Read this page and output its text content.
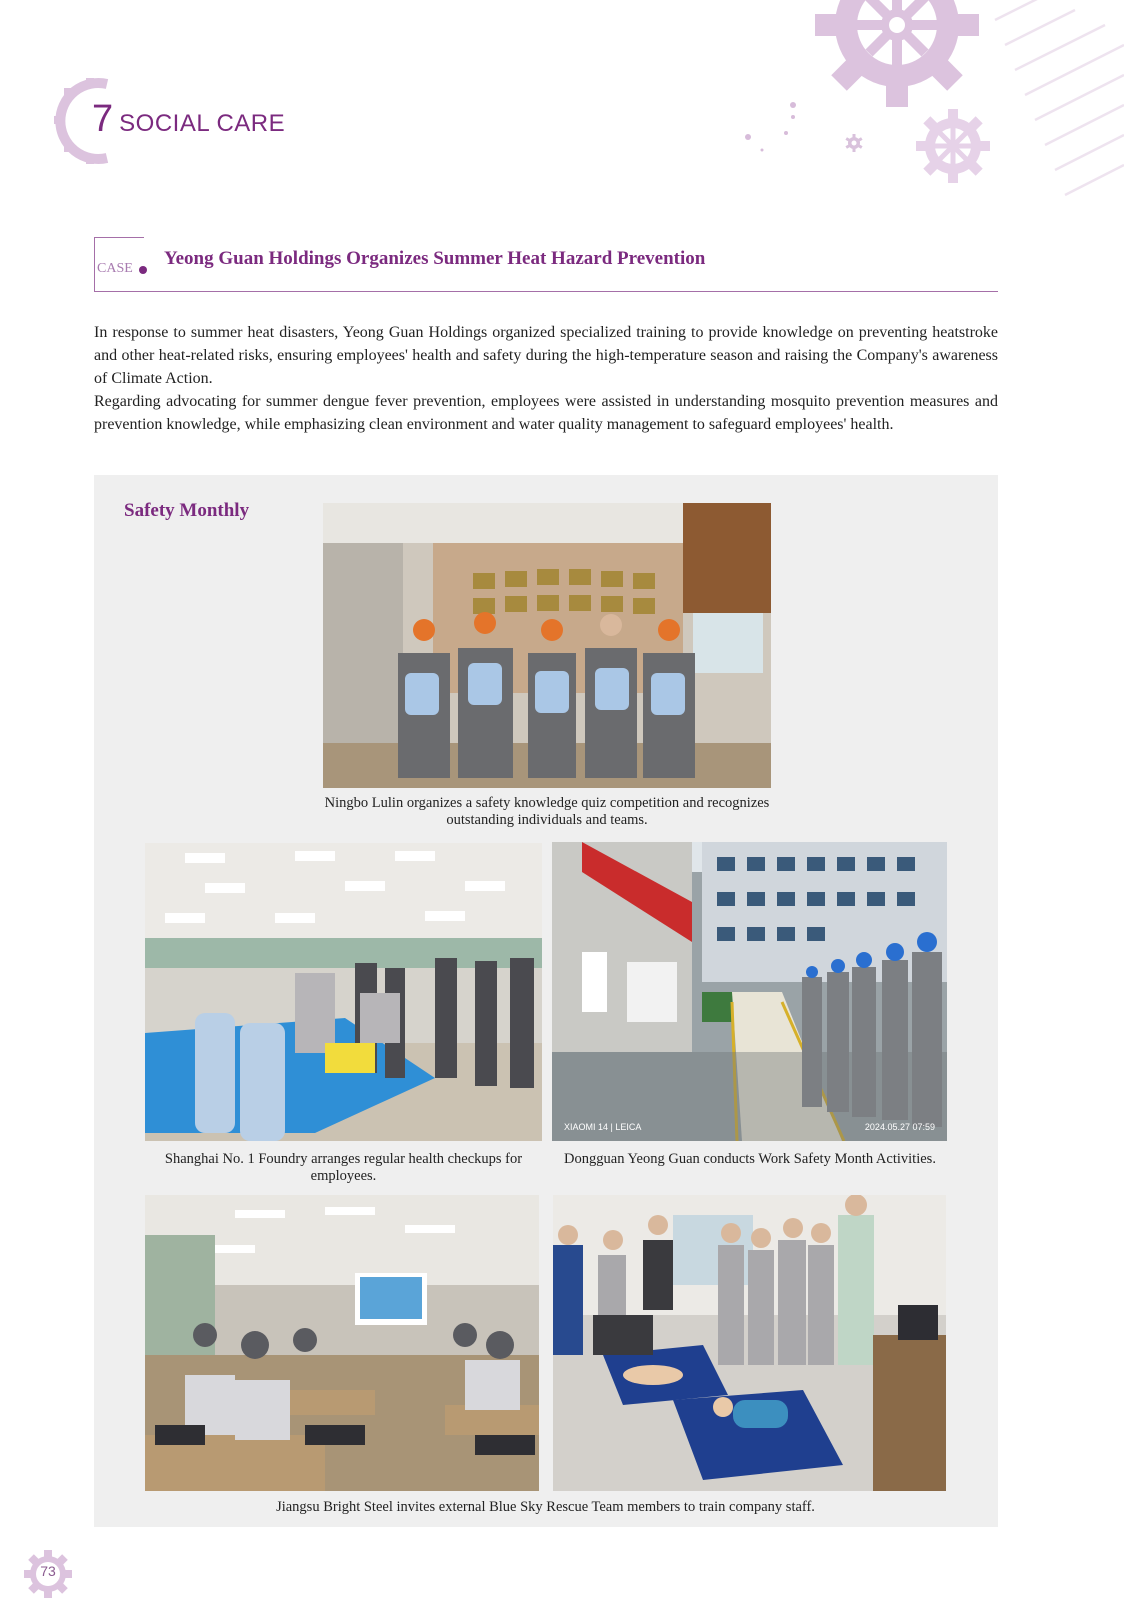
7 SOCIAL CARE
CASE Yeong Guan Holdings Organizes Summer Heat Hazard Prevention

In response to summer heat disasters, Yeong Guan Holdings organized specialized training to provide knowledge on preventing heatstroke and other heat-related risks, ensuring employees' health and safety during the high-temperature season and raising the Company's awareness of Climate Action.

Regarding advocating for summer dengue fever prevention, employees were assisted in understanding mosquito prevention measures and prevention knowledge, while emphasizing clean environment and water quality management to safeguard employees' health.

Safety Monthly
Ningbo Lulin organizes a safety knowledge quiz competition and recognizes outstanding individuals and teams.
Shanghai No. 1 Foundry arranges regular health checkups for employees.
XIAOMI 14 | LEICA	2024.05.27 07:59
Dongguan Yeong Guan conducts Work Safety Month Activities.
Jiangsu Bright Steel invites external Blue Sky Rescue Team members to train company staff.
73
